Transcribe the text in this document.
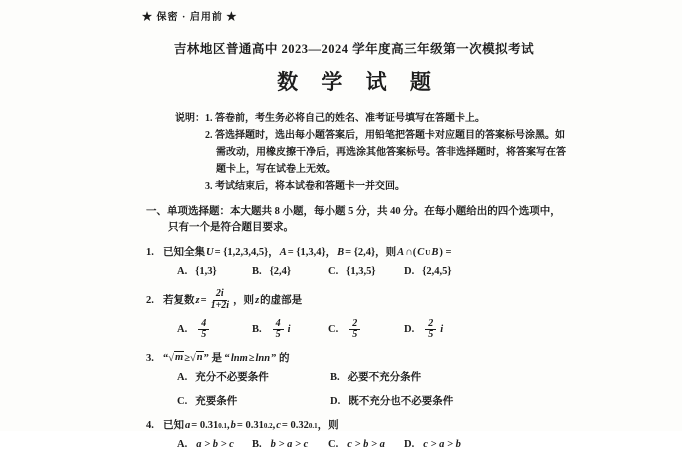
★ 保密 · 启用前 ★
吉林地区普通高中 2023—2024 学年度高三年级第一次模拟考试
数 学 试 题
说明： 1. 答卷前，考生务必将自己的姓名、准考证号填写在答题卡上。

2. 答选择题时，选出每小题答案后，用铅笔把答题卡对应题目的答案标号涂黑。如需改动，用橡皮擦干净后，再选涂其他答案标号。答非选择题时，将答案写在答题卡上，写在试卷上无效。

3. 考试结束后，将本试卷和答题卡一并交回。

一、单项选择题：本大题共 8 小题，每小题 5 分，共 40 分。在每小题给出的四个选项中，只有一个是符合题目要求。
1. 已知全集 U = {1,2,3,4,5}， A = {1,3,4}， B = {2,4}，则 A ∩( C U B ) =
A. {1,3}	B. {2,4}	C. {1,3,5}	D. {2,4,5}
2. 若复数 $z = \frac{2i}{1+2i}$ ，则 z 的虚部是
A. $\frac{4}{5}$	B. $\frac{4}{5}$ i	C. $\frac{2}{5}$	D. $\frac{2}{5}$ i
3. “ √ m ≥ √ n ” 是 “ lnm ≥ lnn ” 的
A. 充分不必要条件	B. 必要不充分条件
C. 充要条件	D. 既不充分也不必要条件
4. 已知 a = 0.31 0.1 , b = 0.31 0.2 , c = 0.32 0.1 ，则
A. a > b > c B. b > a > c C. c > b > a D. c > a > b
